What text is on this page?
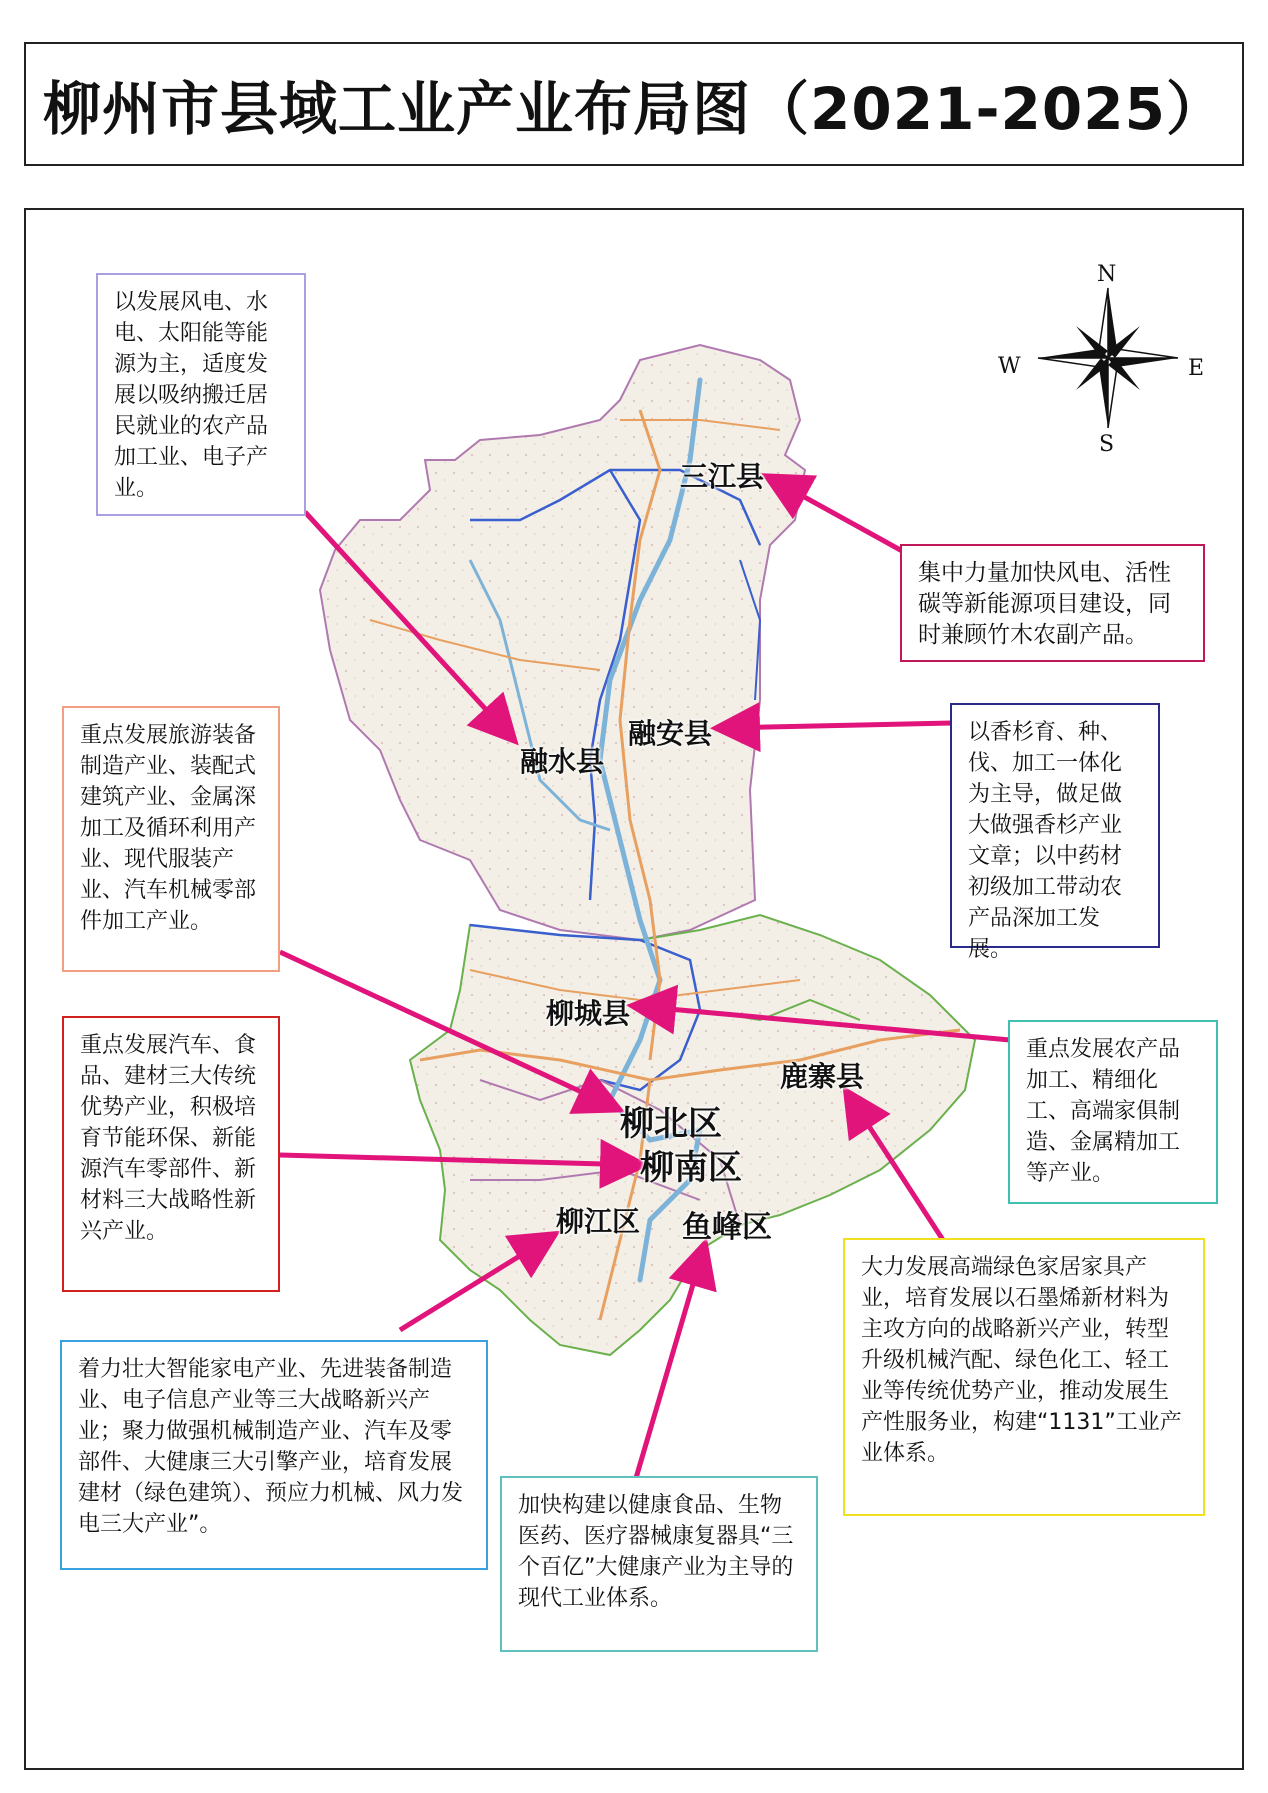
柳州市县域工业产业布局图（2021-2025）
N
S
E
W
三江县
融水县
融安县
柳城县
鹿寨县
柳北区
柳南区
柳江区 鱼峰区
以发展风电、水电、太阳能等能源为主，适度发展以吸纳搬迁居民就业的农产品加工业、电子产业。
集中力量加快风电、活性碳等新能源项目建设，同时兼顾竹木农副产品。
以香杉育、种、伐、加工一体化为主导，做足做大做强香杉产业文章；以中药材初级加工带动农产品深加工发展。
重点发展旅游装备制造产业、装配式建筑产业、金属深加工及循环利用产业、现代服装产业、汽车机械零部件加工产业。
重点发展汽车、食品、建材三大传统优势产业，积极培育节能环保、新能源汽车零部件、新材料三大战略性新兴产业。
重点发展农产品加工、精细化工、高端家俱制造、金属精加工等产业。
大力发展高端绿色家居家具产业，培育发展以石墨烯新材料为主攻方向的战略新兴产业，转型升级机械汽配、绿色化工、轻工业等传统优势产业，推动发展生产性服务业，构建“1131”工业产业体系。
着力壮大智能家电产业、先进装备制造业、电子信息产业等三大战略新兴产业；聚力做强机械制造产业、汽车及零部件、大健康三大引擎产业，培育发展建材（绿色建筑）、预应力机械、风力发电三大产业”。
加快构建以健康食品、生物医药、医疗器械康复器具“三个百亿”大健康产业为主导的现代工业体系。
